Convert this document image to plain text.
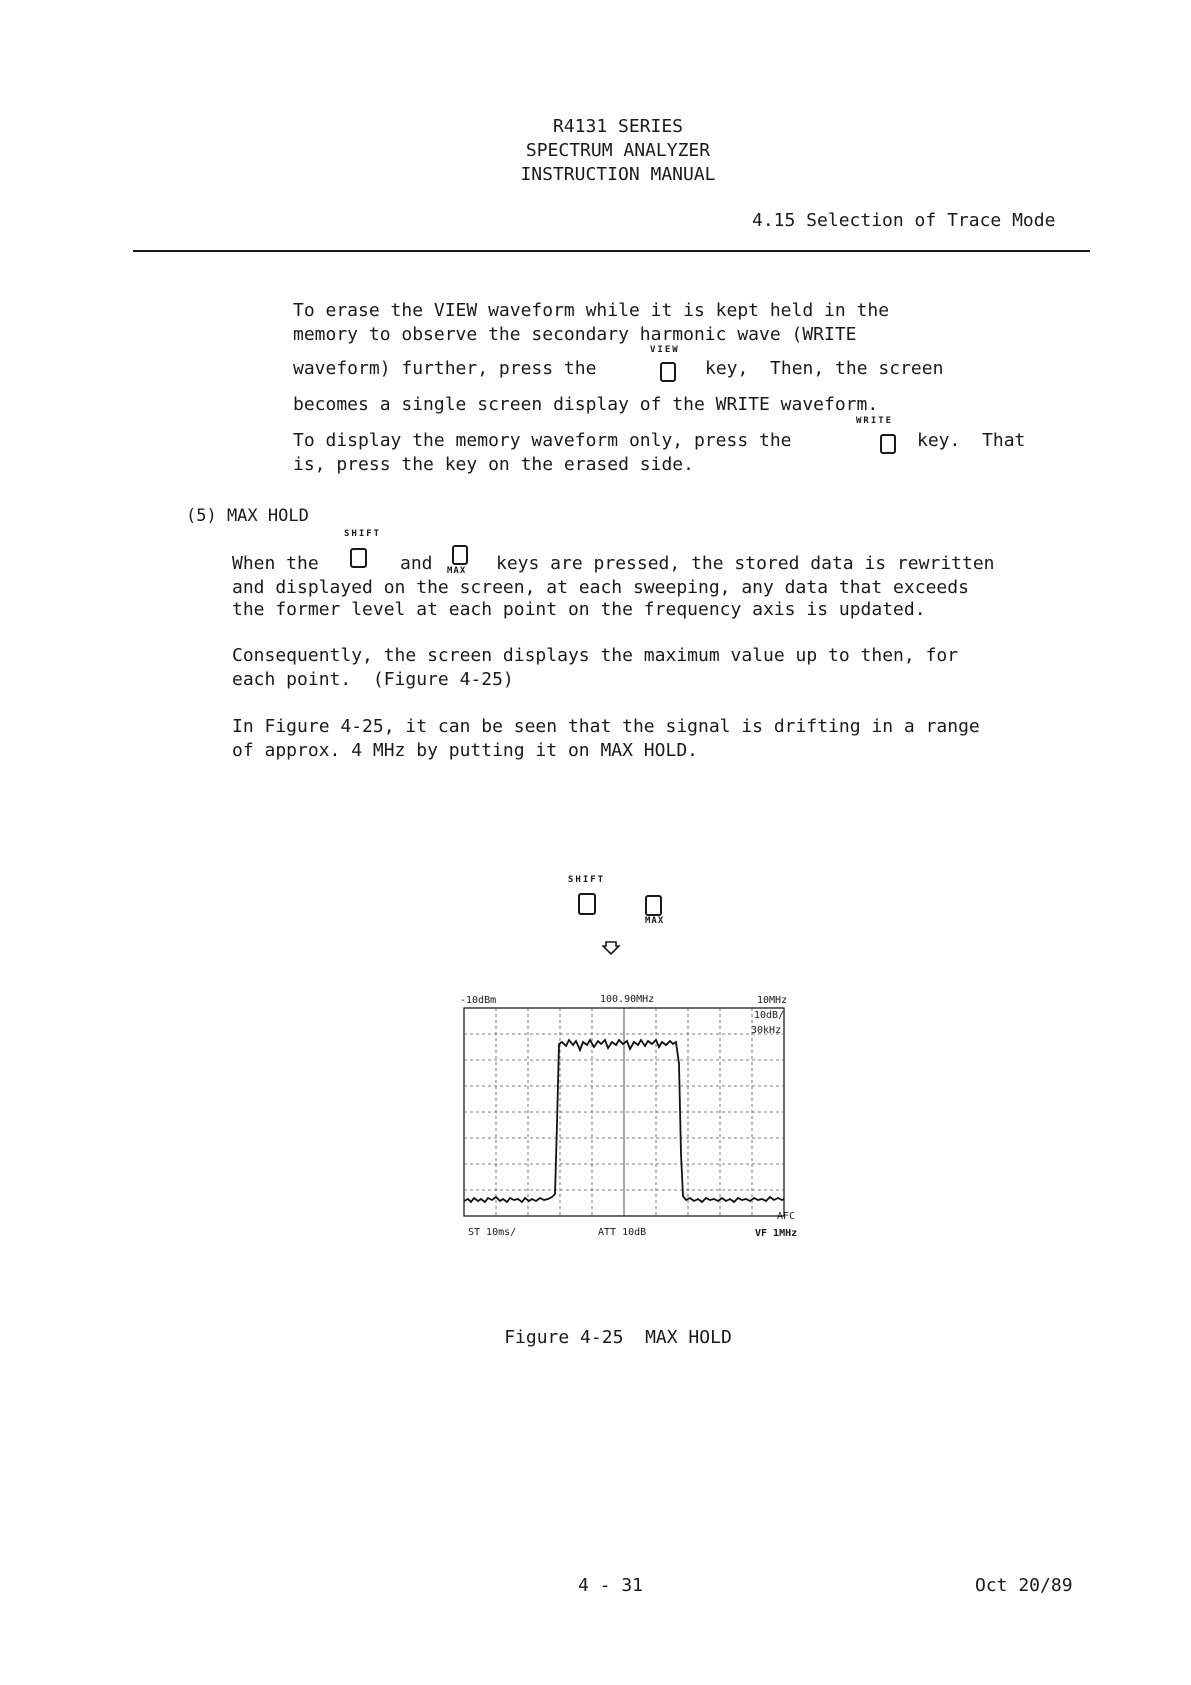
R4131 SERIES
SPECTRUM ANALYZER
INSTRUCTION MANUAL
4.15 Selection of Trace Mode
To erase the VIEW waveform while it is kept held in the
memory to observe the secondary harmonic wave (WRITE
VIEW
waveform) further, press the	key,  Then, the screen
becomes a single screen display of the WRITE waveform.
WRITE
To display the memory waveform only, press the	key.  That
is, press the key on the erased side.
(5) MAX HOLD
SHIFT
When the	and MAX keys are pressed, the stored data is rewritten
and displayed on the screen, at each sweeping, any data that exceeds
the former level at each point on the frequency axis is updated.
Consequently, the screen displays the maximum value up to then, for
each point.  (Figure 4-25)
In Figure 4-25, it can be seen that the signal is drifting in a range
of approx. 4 MHz by putting it on MAX HOLD.
SHIFT
MAX
-10dBm	100.90MHz	10MHz
10dB/
30kHz
AFC
ST 10ms/	ATT 10dB	VF 1MHz
Figure 4-25  MAX HOLD
4 - 31	Oct 20/89
